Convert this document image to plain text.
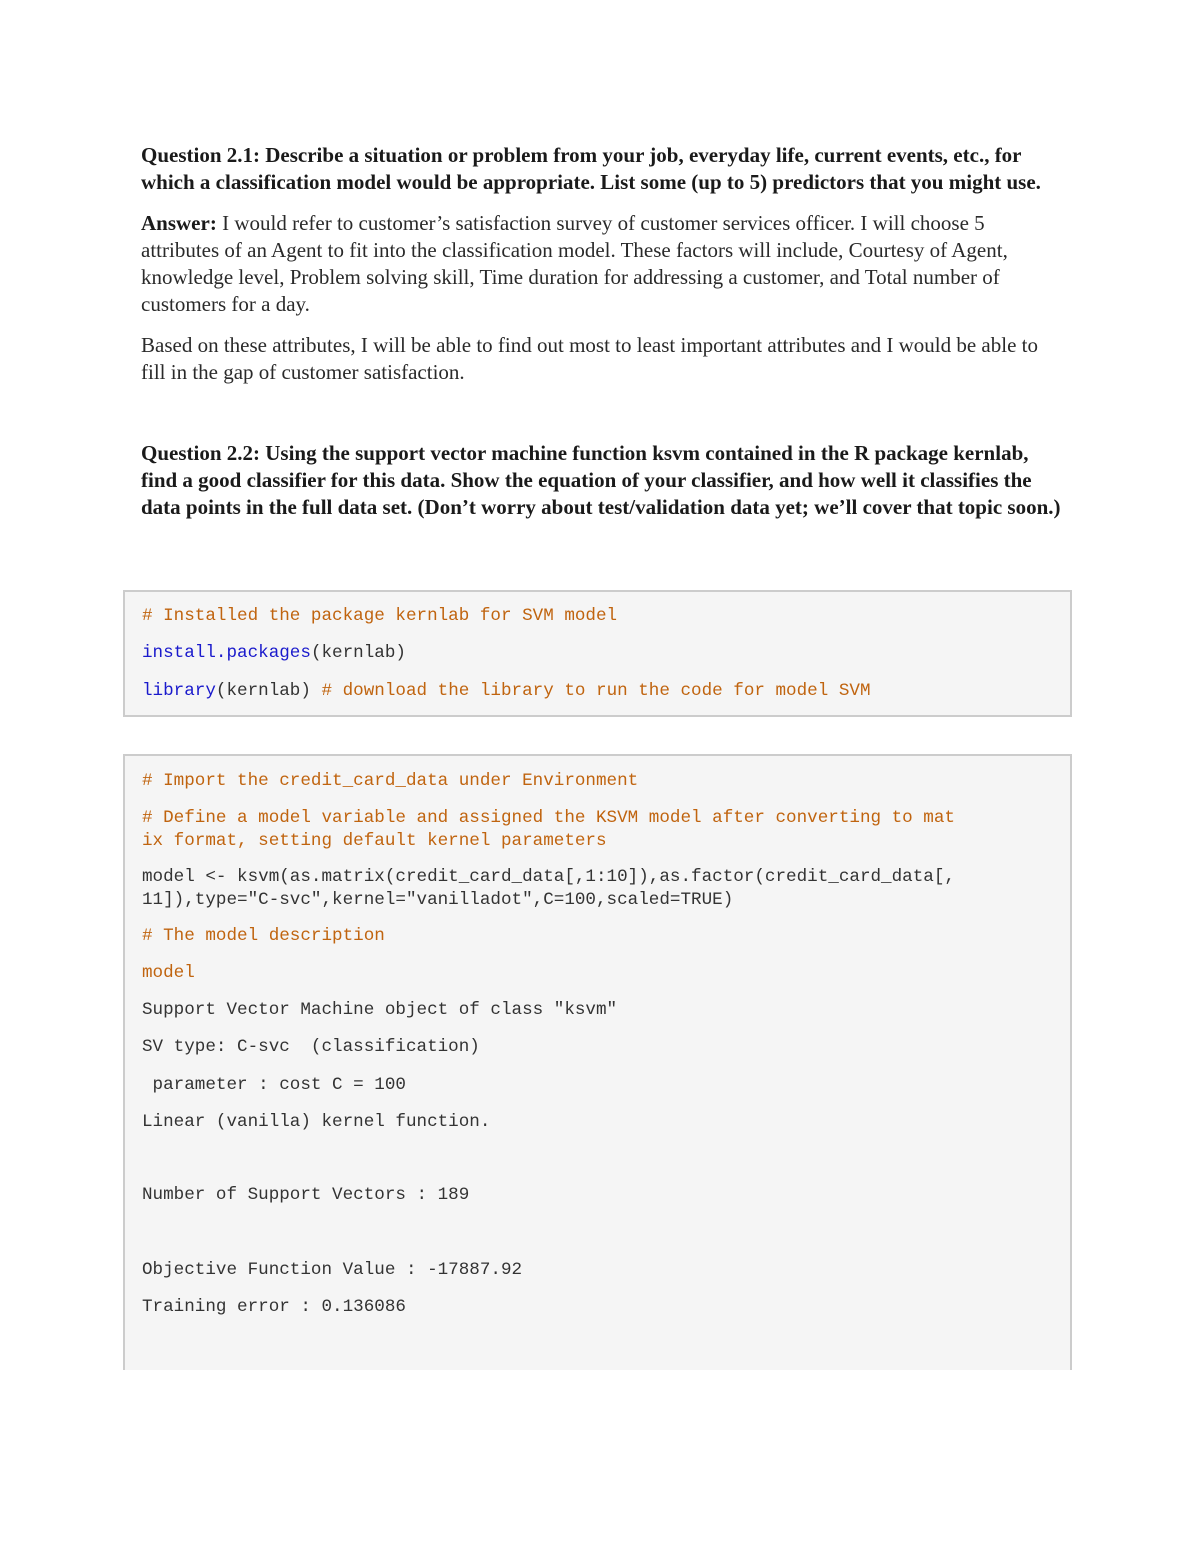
Question 2.1: Describe a situation or problem from your job, everyday life, current events, etc., for which a classification model would be appropriate. List some (up to 5) predictors that you might use.

Answer: I would refer to customer’s satisfaction survey of customer services officer. I will choose 5 attributes of an Agent to fit into the classification model. These factors will include, Courtesy of Agent, knowledge level, Problem solving skill, Time duration for addressing a customer, and Total number of customers for a day.

Based on these attributes, I will be able to find out most to least important attributes and I would be able to fill in the gap of customer satisfaction.

Question 2.2: Using the support vector machine function ksvm contained in the R package kernlab, find a good classifier for this data. Show the equation of your classifier, and how well it classifies the data points in the full data set. (Don’t worry about test/validation data yet; we’ll cover that topic soon.)

# Installed the package kernlab for SVM model
install.packages(kernlab)
library(kernlab) # download the library to run the code for model SVM
# Import the credit_card_data under Environment
# Define a model variable and assigned the KSVM model after converting to mat
ix format, setting default kernel parameters
model <- ksvm(as.matrix(credit_card_data[,1:10]),as.factor(credit_card_data[,
11]),type="C-svc",kernel="vanilladot",C=100,scaled=TRUE)
# The model description
model
Support Vector Machine object of class "ksvm"
SV type: C-svc  (classification)
parameter : cost C = 100
Linear (vanilla) kernel function.
Number of Support Vectors : 189
Objective Function Value : -17887.92
Training error : 0.136086
